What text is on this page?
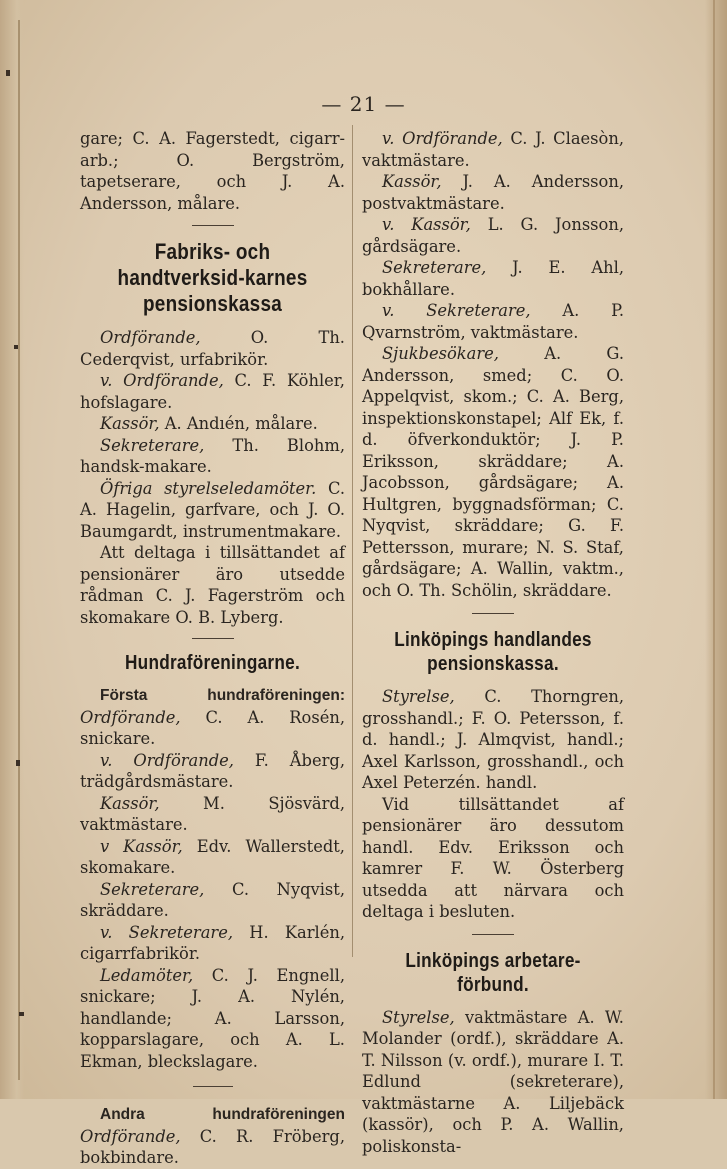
— 21 —

gare; C. A. Fagerstedt, cigarr-arb.; O. Bergström, tapetserare, och J. A. Andersson, målare.

Fabriks- och handtverksid-karnes pensionskassa

Ordförande, O. Th. Cederqvist, urfabrikör.

v. Ordförande, C. F. Köhler, hofslagare.

Kassör, A. Andıén, målare.

Sekreterare, Th. Blohm, handsk-makare.

Öfriga styrelseledamöter. C. A. Hagelin, garfvare, och J. O. Baumgardt, instrumentmakare.

Att deltaga i tillsättandet af pensionärer äro utsedde rådman C. J. Fagerström och skomakare O. B. Lyberg.

Hundraföreningarne.

Första hundraföreningen: Ordförande, C. A. Rosén, snickare.

v. Ordförande, F. Åberg, trädgårdsmästare.

Kassör, M. Sjösvärd, vaktmästare.

v Kassör, Edv. Wallerstedt, skomakare.

Sekreterare, C. Nyqvist, skräddare.

v. Sekreterare, H. Karlén, cigarrfabrikör.

Ledamöter, C. J. Engnell, snickare; J. A. Nylén, handlande; A. Larsson, kopparslagare, och A. L. Ekman, bleckslagare.

Andra hundraföreningen Ordförande, C. R. Fröberg, bokbindare.

v. Ordförande, C. J. Claesòn, vaktmästare.

Kassör, J. A. Andersson, postvaktmästare.

v. Kassör, L. G. Jonsson, gårdsägare.

Sekreterare, J. E. Ahl, bokhållare.

v. Sekreterare, A. P. Qvarnström, vaktmästare.

Sjukbesökare, A. G. Andersson, smed; C. O. Appelqvist, skom.; C. A. Berg, inspektionskonstapel; Alf Ek, f. d. öfverkonduktör; J. P. Eriksson, skräddare; A. Jacobsson, gårdsägare; A. Hultgren, byggnadsförman; C. Nyqvist, skräddare; G. F. Pettersson, murare; N. S. Staf, gårdsägare; A. Wallin, vaktm., och O. Th. Schölin, skräddare.

Linköpings handlandes pensionskassa.

Styrelse, C. Thorngren, grosshandl.; F. O. Petersson, f. d. handl.; J. Almqvist, handl.; Axel Karlsson, grosshandl., och Axel Peterzén. handl.

Vid tillsättandet af pensionärer äro dessutom handl. Edv. Eriksson och kamrer F. W. Österberg utsedda att närvara och deltaga i besluten.

Linköpings arbetare-förbund.

Styrelse, vaktmästare A. W. Molander (ordf.), skräddare A. T. Nilsson (v. ordf.), murare I. T. Edlund (sekreterare), vaktmästarne A. Liljebäck (kassör), och P. A. Wallin, poliskonsta-
